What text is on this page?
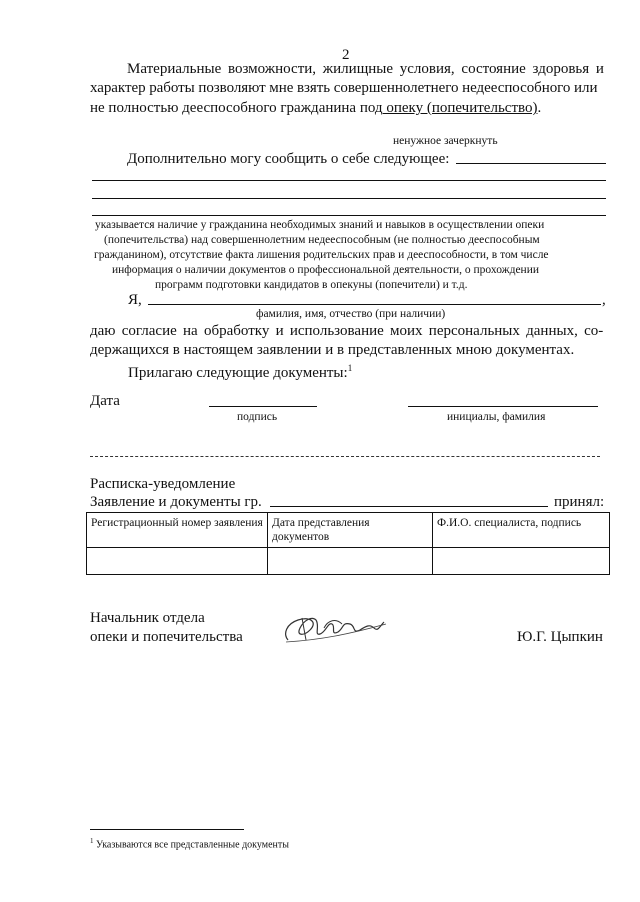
2
Материальные возможности, жилищные условия, состояние здоровья и
характер работы позволяют мне взять совершеннолетнего недееспособного или
не полностью дееспособного гражданина под опеку (попечительство).
ненужное зачеркнуть
Дополнительно могу сообщить о себе следующее:
указывается наличие у гражданина необходимых знаний и навыков в осуществлении опеки
(попечительства) над совершеннолетним недееспособным (не полностью дееспособным
гражданином), отсутствие факта лишения родительских прав и дееспособности, в том числе
информация о наличии документов о профессиональной деятельности, о прохождении
программ подготовки кандидатов в опекуны (попечители) и т.д.
Я,	,
фамилия, имя, отчество (при наличии)
даю согласие на обработку и использование моих персональных данных, со-
держащихся в настоящем заявлении и в представленных мною документах.
Прилагаю следующие документы:$^1$
Дата
подпись	инициалы, фамилия
Расписка-уведомление
Заявление и документы гр.	принял:
Регистрационный номер заявления	Дата представления документов	Ф.И.О. специалиста, подпись

Начальник отдела
опеки и попечительства	Ю.Г. Цыпкин
$^1$ Указываются все представленные документы
